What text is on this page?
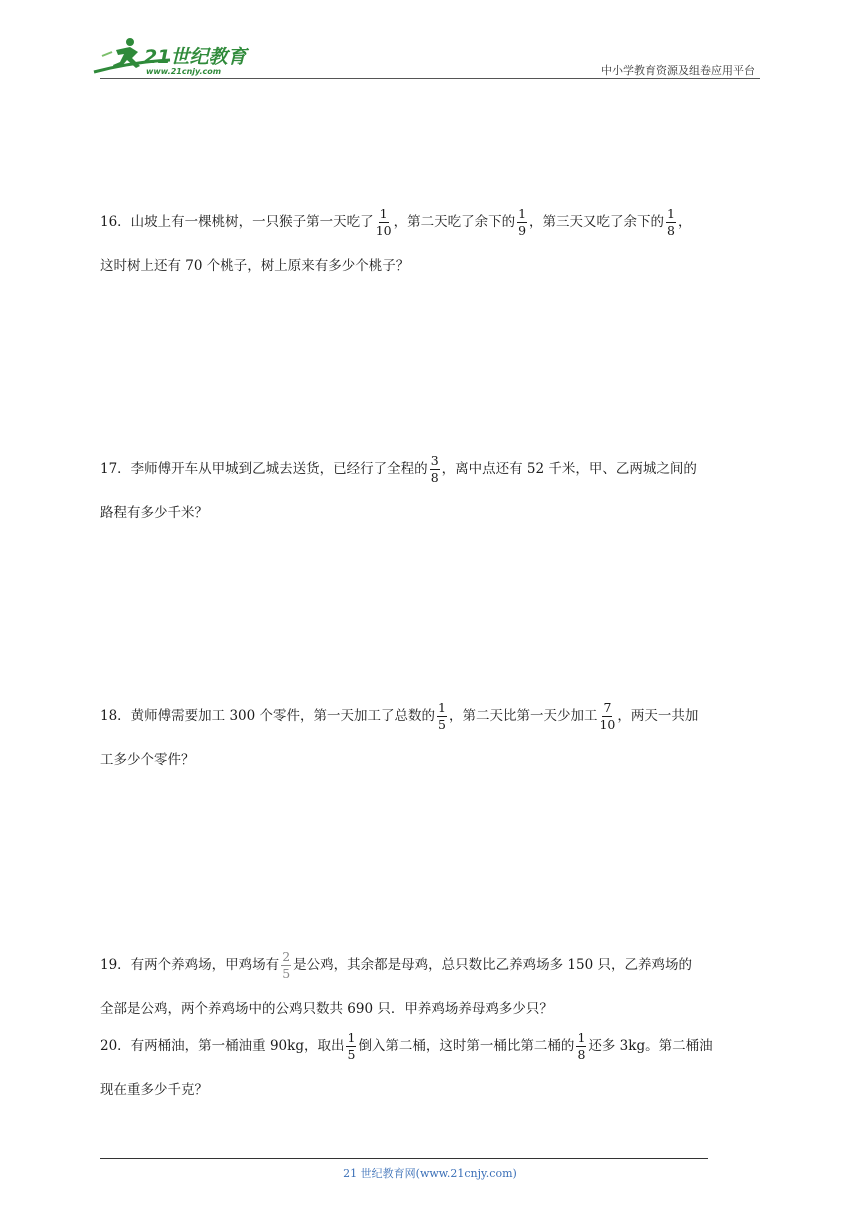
21世纪教育
www.21cnjy.com	中小学教育资源及组卷应用平台
16．山坡上有一棵桃树，一只猴子第一天吃了 $\frac{1}{10}$ ，第二天吃了余下的 $\frac{1}{9}$ ，第三天又吃了余下的 $\frac{1}{8}$ ，
这时树上还有 70 个桃子，树上原来有多少个桃子？
17．李师傅开车从甲城到乙城去送货，已经行了全程的 $\frac{3}{8}$ ，离中点还有 52 千米，甲、乙两城之间的
路程有多少千米？
18．黄师傅需要加工 300 个零件，第一天加工了总数的 $\frac{1}{5}$ ，第二天比第一天少加工 $\frac{7}{10}$ ，两天一共加
工多少个零件？
19．有两个养鸡场，甲鸡场有 $\frac{2}{5}$ 是公鸡，其余都是母鸡，总只数比乙养鸡场多 150 只，乙养鸡场的
全部是公鸡，两个养鸡场中的公鸡只数共 690 只．甲养鸡场养母鸡多少只？
20．有两桶油，第一桶油重 90kg，取出 $\frac{1}{5}$ 倒入第二桶，这时第一桶比第二桶的 $\frac{1}{8}$ 还多 3kg。第二桶油
现在重多少千克？
21 世纪教育网(www.21cnjy.com)
